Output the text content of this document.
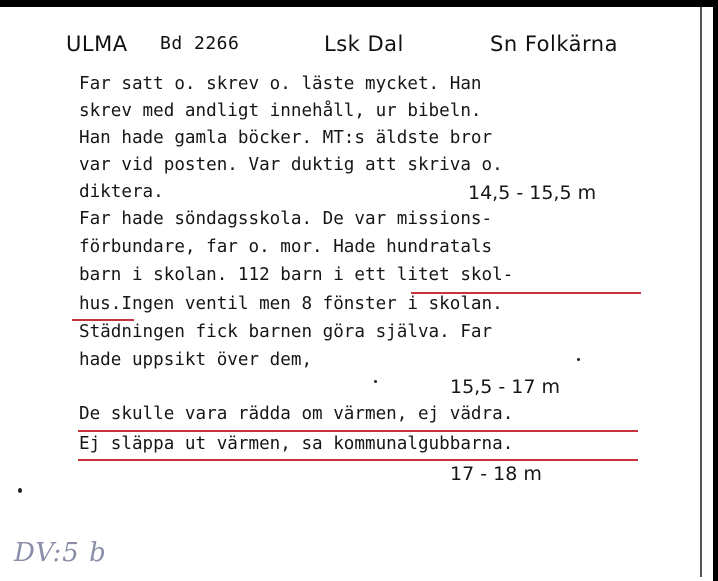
ULMA Bd 2266	Lsk Dal	Sn Folkärna
Far satt o. skrev o. läste mycket. Han
skrev med andligt innehåll, ur bibeln.
Han hade gamla böcker. MT:s äldste bror
var vid posten. Var duktig att skriva o.
diktera.	14,5 - 15,5 m
Far hade söndagsskola. De var missions-
förbundare, far o. mor. Hade hundratals
barn i skolan. 112 barn i ett litet skol-
hus.Ingen ventil men 8 fönster i skolan.
Städningen fick barnen göra själva. Far
hade uppsikt över dem,
15,5 - 17 m
De skulle vara rädda om värmen, ej vädra.
Ej släppa ut värmen, sa kommunalgubbarna.
17 - 18 m
DV:5 b
